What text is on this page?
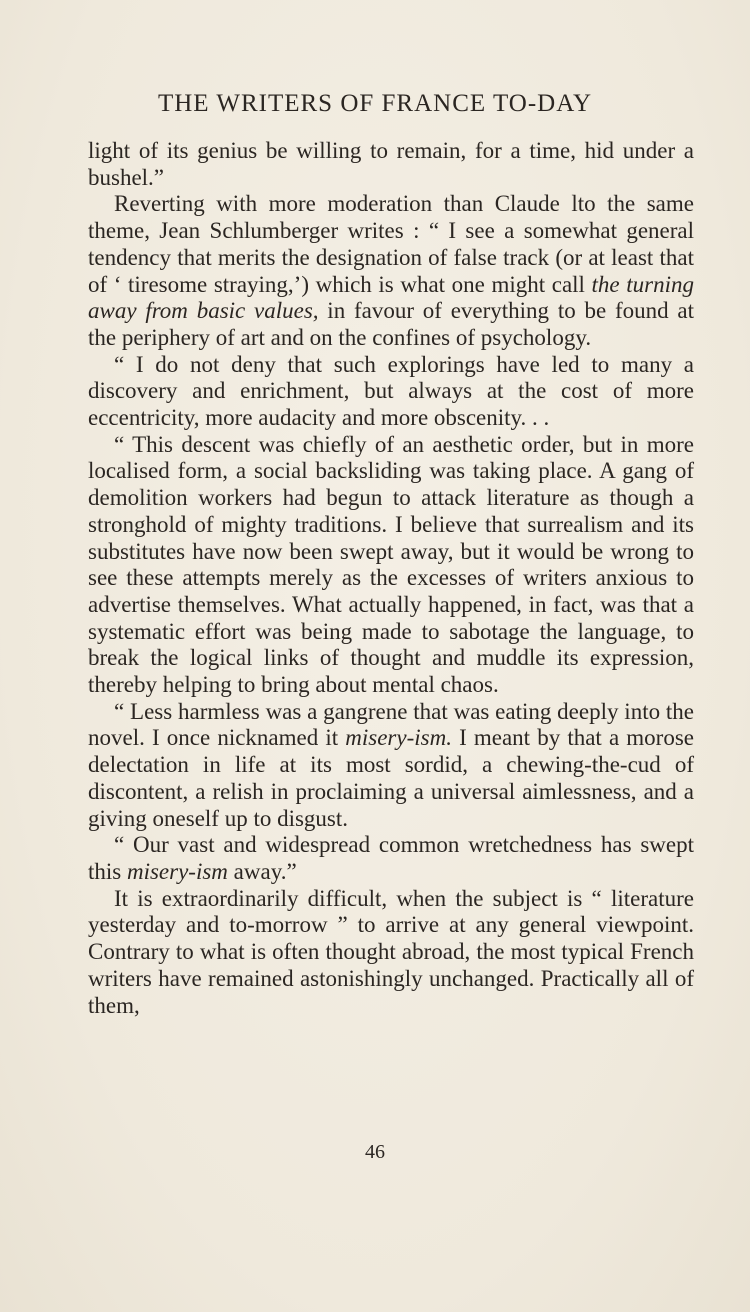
THE WRITERS OF FRANCE TO-DAY

light of its genius be willing to remain, for a time, hid under a bushel.”

Reverting with more moderation than Claude lto the same theme, Jean Schlumberger writes : “ I see a somewhat general tendency that merits the designation of false track (or at least that of ‘ tiresome straying,’) which is what one might call the turning away from basic values, in favour of everything to be found at the periphery of art and on the confines of psychology.

“ I do not deny that such explorings have led to many a discovery and enrichment, but always at the cost of more eccentricity, more audacity and more obscenity. . .

“ This descent was chiefly of an aesthetic order, but in more localised form, a social backsliding was taking place. A gang of demolition workers had begun to attack literature as though a stronghold of mighty traditions. I believe that surrealism and its substitutes have now been swept away, but it would be wrong to see these attempts merely as the excesses of writers anxious to advertise themselves. What actually happened, in fact, was that a systematic effort was being made to sabotage the language, to break the logical links of thought and muddle its expression, thereby helping to bring about mental chaos.

“ Less harmless was a gangrene that was eating deeply into the novel. I once nicknamed it misery-ism. I meant by that a morose delectation in life at its most sordid, a chewing-the-cud of discontent, a relish in proclaiming a universal aimlessness, and a giving oneself up to disgust.

“ Our vast and widespread common wretchedness has swept this misery-ism away.”

It is extraordinarily difficult, when the subject is “ literature yesterday and to-morrow ” to arrive at any general viewpoint. Contrary to what is often thought abroad, the most typical French writers have remained astonishingly unchanged. Practically all of them,

46
